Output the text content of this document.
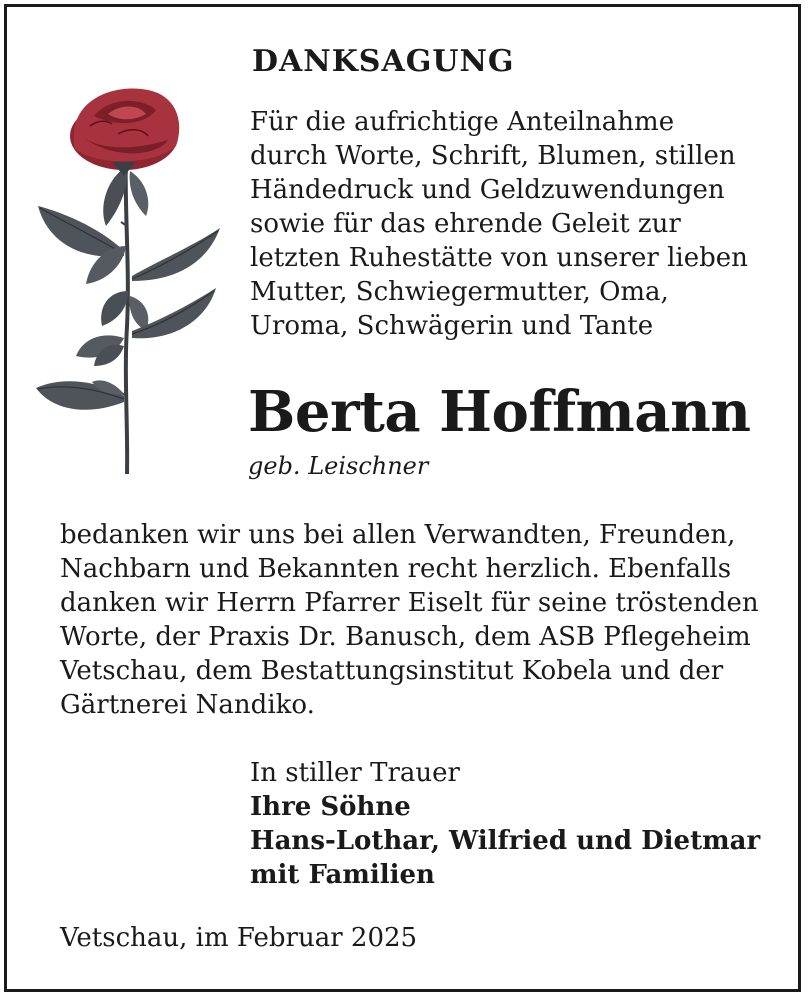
DANKSAGUNG
Für die aufrichtige Anteilnahme
durch Worte, Schrift, Blumen, stillen
Händedruck und Geldzuwendungen
sowie für das ehrende Geleit zur
letzten Ruhestätte von unserer lieben
Mutter, Schwiegermutter, Oma,
Uroma, Schwägerin und Tante
Berta Hoffmann
geb. Leischner
bedanken wir uns bei allen Verwandten, Freunden,
Nachbarn und Bekannten recht herzlich. Ebenfalls
danken wir Herrn Pfarrer Eiselt für seine tröstenden
Worte, der Praxis Dr. Banusch, dem ASB Pflegeheim
Vetschau, dem Bestattungsinstitut Kobela und der
Gärtnerei Nandiko.
In stiller Trauer
Ihre Söhne
Hans-Lothar, Wilfried und Dietmar
mit Familien
Vetschau, im Februar 2025
